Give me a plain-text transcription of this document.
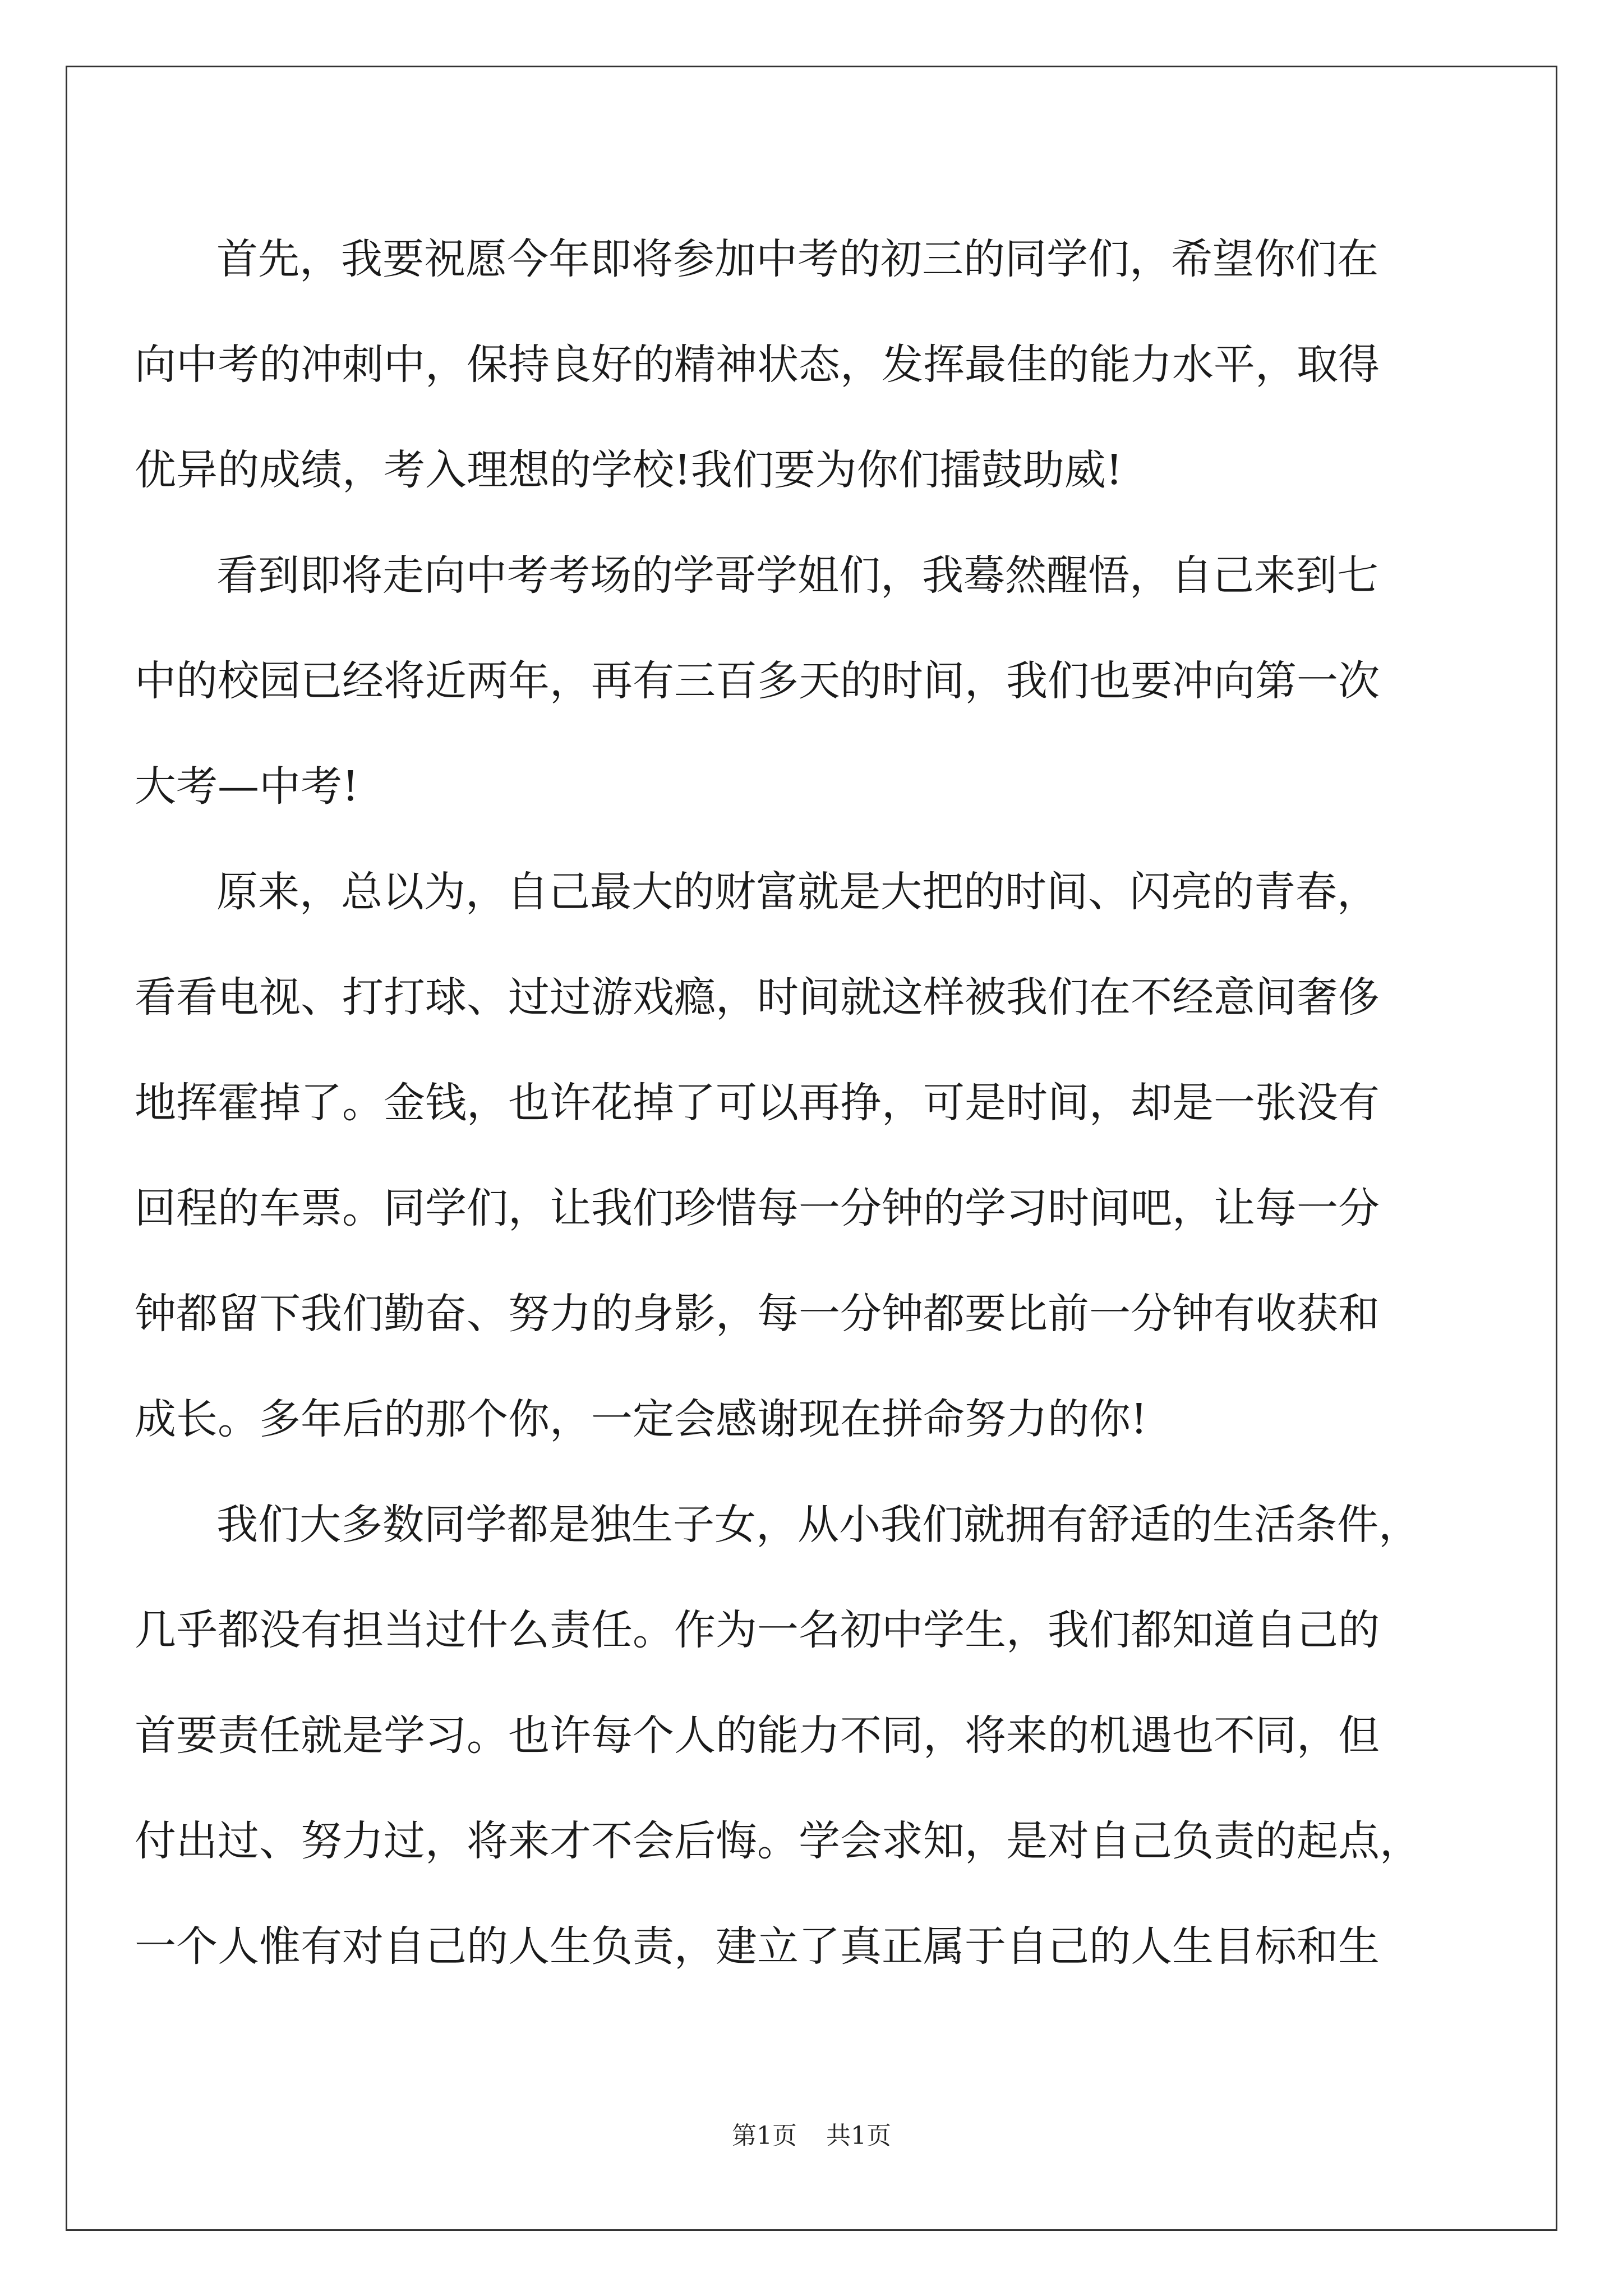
首先，我要祝愿今年即将参加中考的初三的同学们，希望你们在
向中考的冲刺中，保持良好的精神状态，发挥最佳的能力水平，取得
优异的成绩，考入理想的学校!我们要为你们擂鼓助威!
看到即将走向中考考场的学哥学姐们，我蓦然醒悟，自己来到七
中的校园已经将近两年，再有三百多天的时间，我们也要冲向第一次
大考—中考!
原来，总以为，自己最大的财富就是大把的时间、闪亮的青春，
看看电视、打打球、过过游戏瘾，时间就这样被我们在不经意间奢侈
地挥霍掉了。金钱，也许花掉了可以再挣，可是时间，却是一张没有
回程的车票。同学们，让我们珍惜每一分钟的学习时间吧，让每一分
钟都留下我们勤奋、努力的身影，每一分钟都要比前一分钟有收获和
成长。多年后的那个你，一定会感谢现在拼命努力的你!
我们大多数同学都是独生子女，从小我们就拥有舒适的生活条件，
几乎都没有担当过什么责任。作为一名初中学生，我们都知道自己的
首要责任就是学习。也许每个人的能力不同，将来的机遇也不同，但
付出过、努力过，将来才不会后悔。学会求知，是对自己负责的起点，
一个人惟有对自己的人生负责，建立了真正属于自己的人生目标和生
第1页 共1页
